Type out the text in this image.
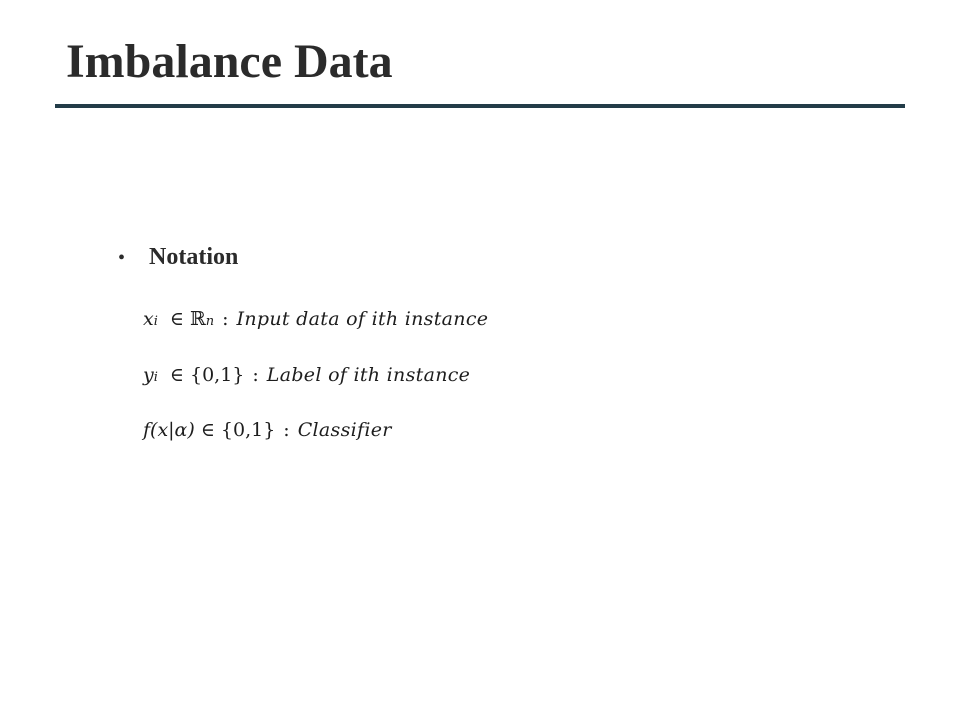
Imbalance Data
• Notation
x i ∈ ℝ n : Input data of ith instance
y i ∈ {0,1} : Label of ith instance
f(x|α) ∈ {0,1} : Classifier
